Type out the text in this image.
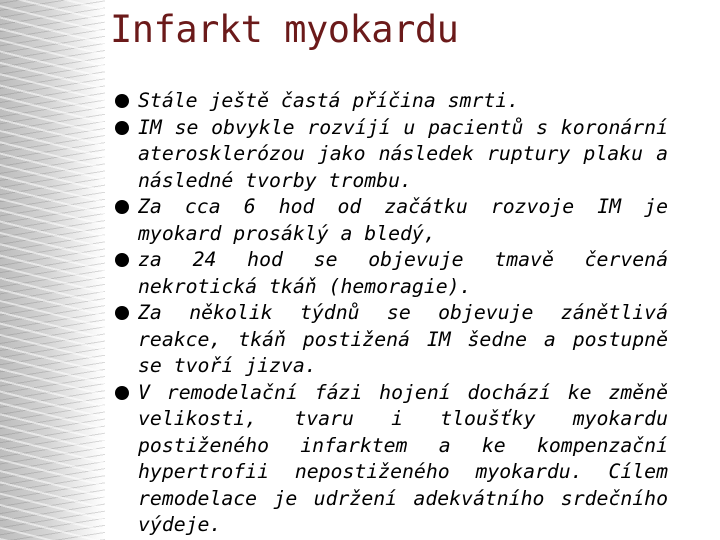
Infarkt myokardu
Stále ještě častá příčina smrti.
IM se obvykle rozvíjí u pacientů s koronární aterosklerózou jako následek ruptury plaku a následné tvorby trombu.
Za cca 6 hod od začátku rozvoje IM je myokard prosáklý a bledý,
za 24 hod se objevuje tmavě červená nekrotická tkáň (hemoragie).
Za několik týdnů se objevuje zánětlivá reakce, tkáň postižená IM šedne a postupně se tvoří jizva.
V remodelační fázi hojení dochází ke změně velikosti, tvaru i tloušťky myokardu postiženého infarktem a ke kompenzační hypertrofii nepostiženého myokardu. Cílem remodelace je udržení adekvátního srdečního výdeje.
